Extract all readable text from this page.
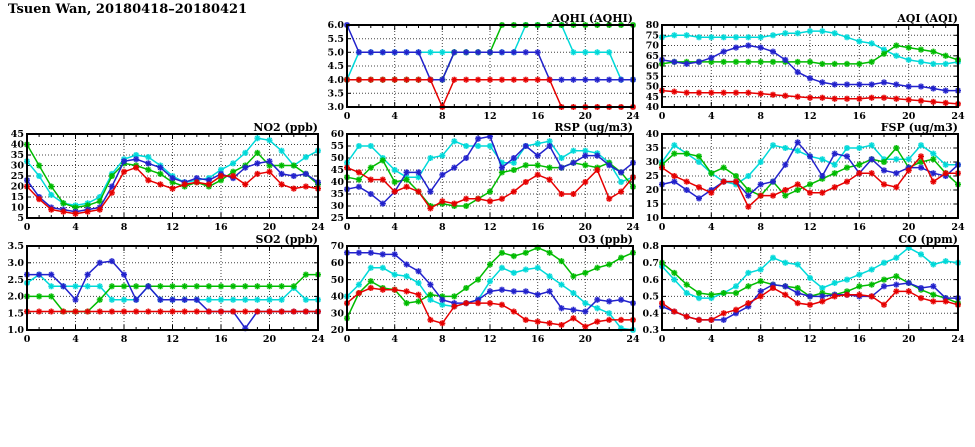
Tsuen Wan, 20180418–20180421
3.0
3.5
4.0
4.5
5.0
5.5
6.0
0	4	8	12	16	20	24
AQHI (AQHI)
40
45
50
55
60
65
70
75
80
0	4	8	12	16	20	24
AQI (AQI)
5
10
15
20
25
30
35
40
45
0	4	8	12	16	20	24
NO2 (ppb)
25
30
35
40
45
50
55
60
0	4	8	12	16	20	24
RSP (ug/m3)
10
15
20
25
30
35
40
0	4	8	12	16	20	24
FSP (ug/m3)
1.0
1.5
2.0
2.5
3.0
3.5
0	4	8	12	16	20	24
SO2 (ppb)
20
30
40
50
60
70
0	4	8	12	16	20	24
O3 (ppb)
0.3
0.4
0.5
0.6
0.7
0.8
0	4	8	12	16	20	24
CO (ppm)
